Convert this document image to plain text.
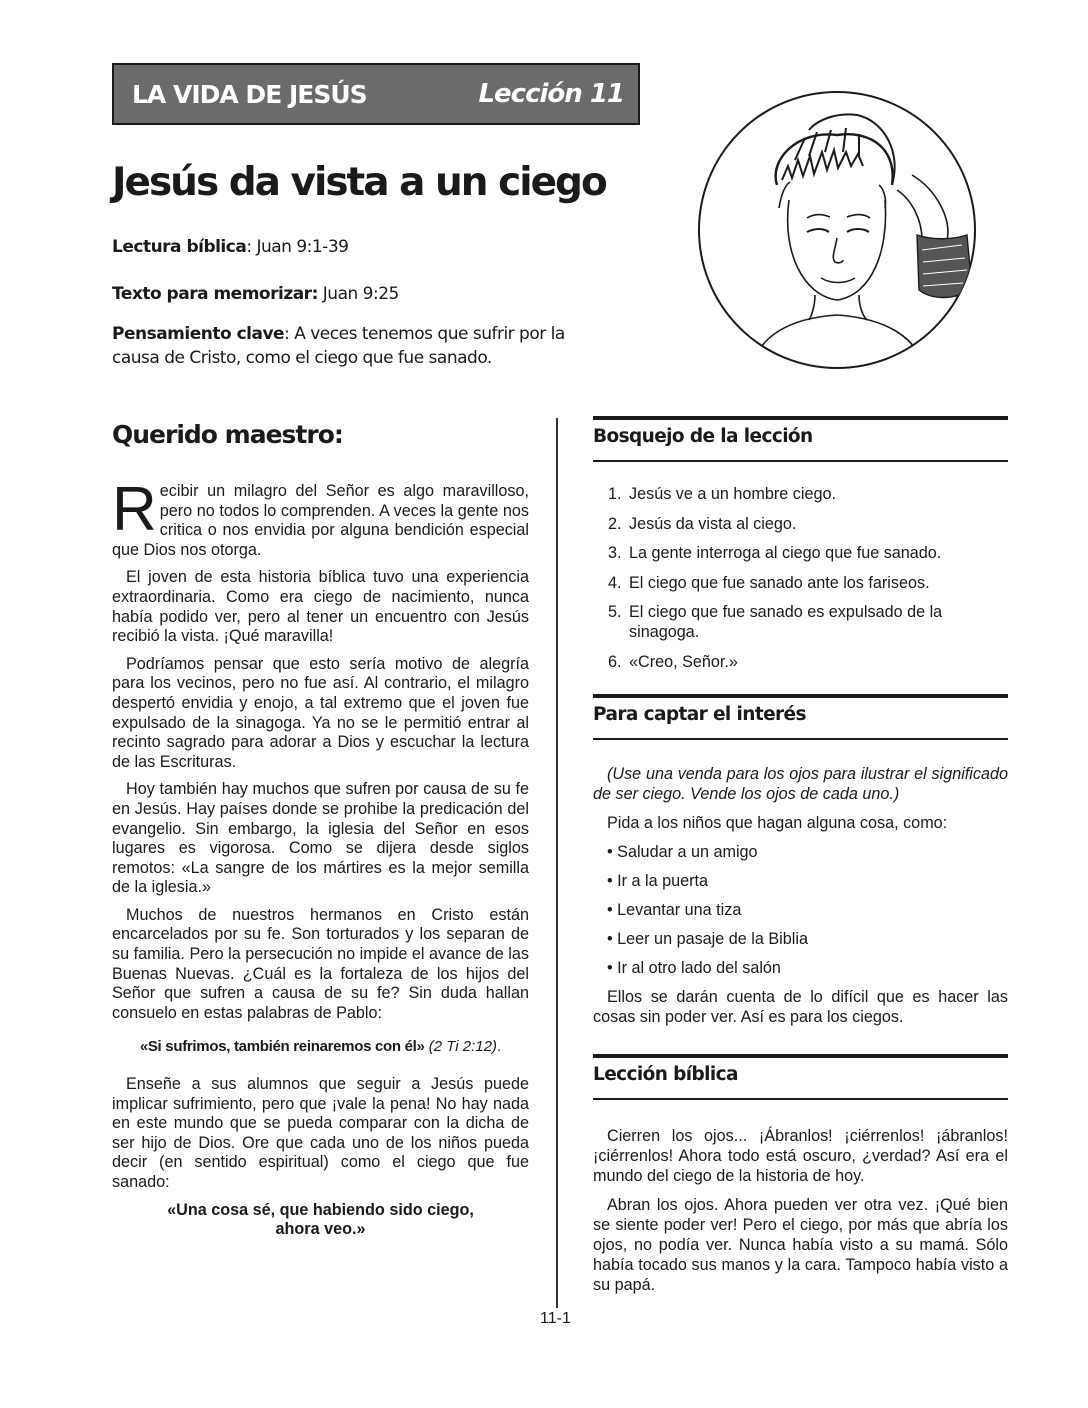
LA VIDA DE JESÚS	Lección 11
Jesús da vista a un ciego

Lectura bíblica: Juan 9:1-39

Texto para memorizar: Juan 9:25

Pensamiento clave: A veces tenemos que sufrir por la causa de Cristo, como el ciego que fue sanado.

Querido maestro:

Recibir un milagro del Señor es algo maravilloso, pero no todos lo comprenden. A veces la gente nos critica o nos envidia por alguna bendición especial que Dios nos otorga.

El joven de esta historia bíblica tuvo una experiencia extraordinaria. Como era ciego de nacimiento, nunca había podido ver, pero al tener un encuentro con Jesús recibió la vista. ¡Qué maravilla!

Podríamos pensar que esto sería motivo de alegría para los vecinos, pero no fue así. Al contrario, el milagro despertó envidia y enojo, a tal extremo que el joven fue expulsado de la sinagoga. Ya no se le permitió entrar al recinto sagrado para adorar a Dios y escuchar la lectura de las Escrituras.

Hoy también hay muchos que sufren por causa de su fe en Jesús. Hay países donde se prohibe la predicación del evangelio. Sin embargo, la iglesia del Señor en esos lugares es vigorosa. Como se dijera desde siglos remotos: «La sangre de los mártires es la mejor semilla de la iglesia.»

Muchos de nuestros hermanos en Cristo están encarcelados por su fe. Son torturados y los separan de su familia. Pero la persecución no impide el avance de las Buenas Nuevas. ¿Cuál es la fortaleza de los hijos del Señor que sufren a causa de su fe? Sin duda hallan consuelo en estas palabras de Pablo:

«Si sufrimos, también reinaremos con él» (2 Ti 2:12).

Enseñe a sus alumnos que seguir a Jesús puede implicar sufrimiento, pero que ¡vale la pena! No hay nada en este mundo que se pueda comparar con la dicha de ser hijo de Dios. Ore que cada uno de los niños pueda decir (en sentido espiritual) como el ciego que fue sanado:

«Una cosa sé, que habiendo sido ciego,
ahora veo.»

Bosquejo de la lección
1. Jesús ve a un hombre ciego.
2. Jesús da vista al ciego.
3. La gente interroga al ciego que fue sanado.
4. El ciego que fue sanado ante los fariseos.
5. El ciego que fue sanado es expulsado de la sinagoga.
6. «Creo, Señor.»
Para captar el interés

(Use una venda para los ojos para ilustrar el significado de ser ciego. Vende los ojos de cada uno.)

Pida a los niños que hagan alguna cosa, como:

• Saludar a un amigo
• Ir a la puerta
• Levantar una tiza
• Leer un pasaje de la Biblia
• Ir al otro lado del salón

Ellos se darán cuenta de lo difícil que es hacer las cosas sin poder ver. Así es para los ciegos.

Lección bíblica

Cierren los ojos... ¡Ábranlos! ¡ciérrenlos! ¡ábranlos! ¡ciérrenlos! Ahora todo está oscuro, ¿verdad? Así era el mundo del ciego de la historia de hoy.

Abran los ojos. Ahora pueden ver otra vez. ¡Qué bien se siente poder ver! Pero el ciego, por más que abría los ojos, no podía ver. Nunca había visto a su mamá. Sólo había tocado sus manos y la cara. Tampoco había visto a su papá.

11-1
